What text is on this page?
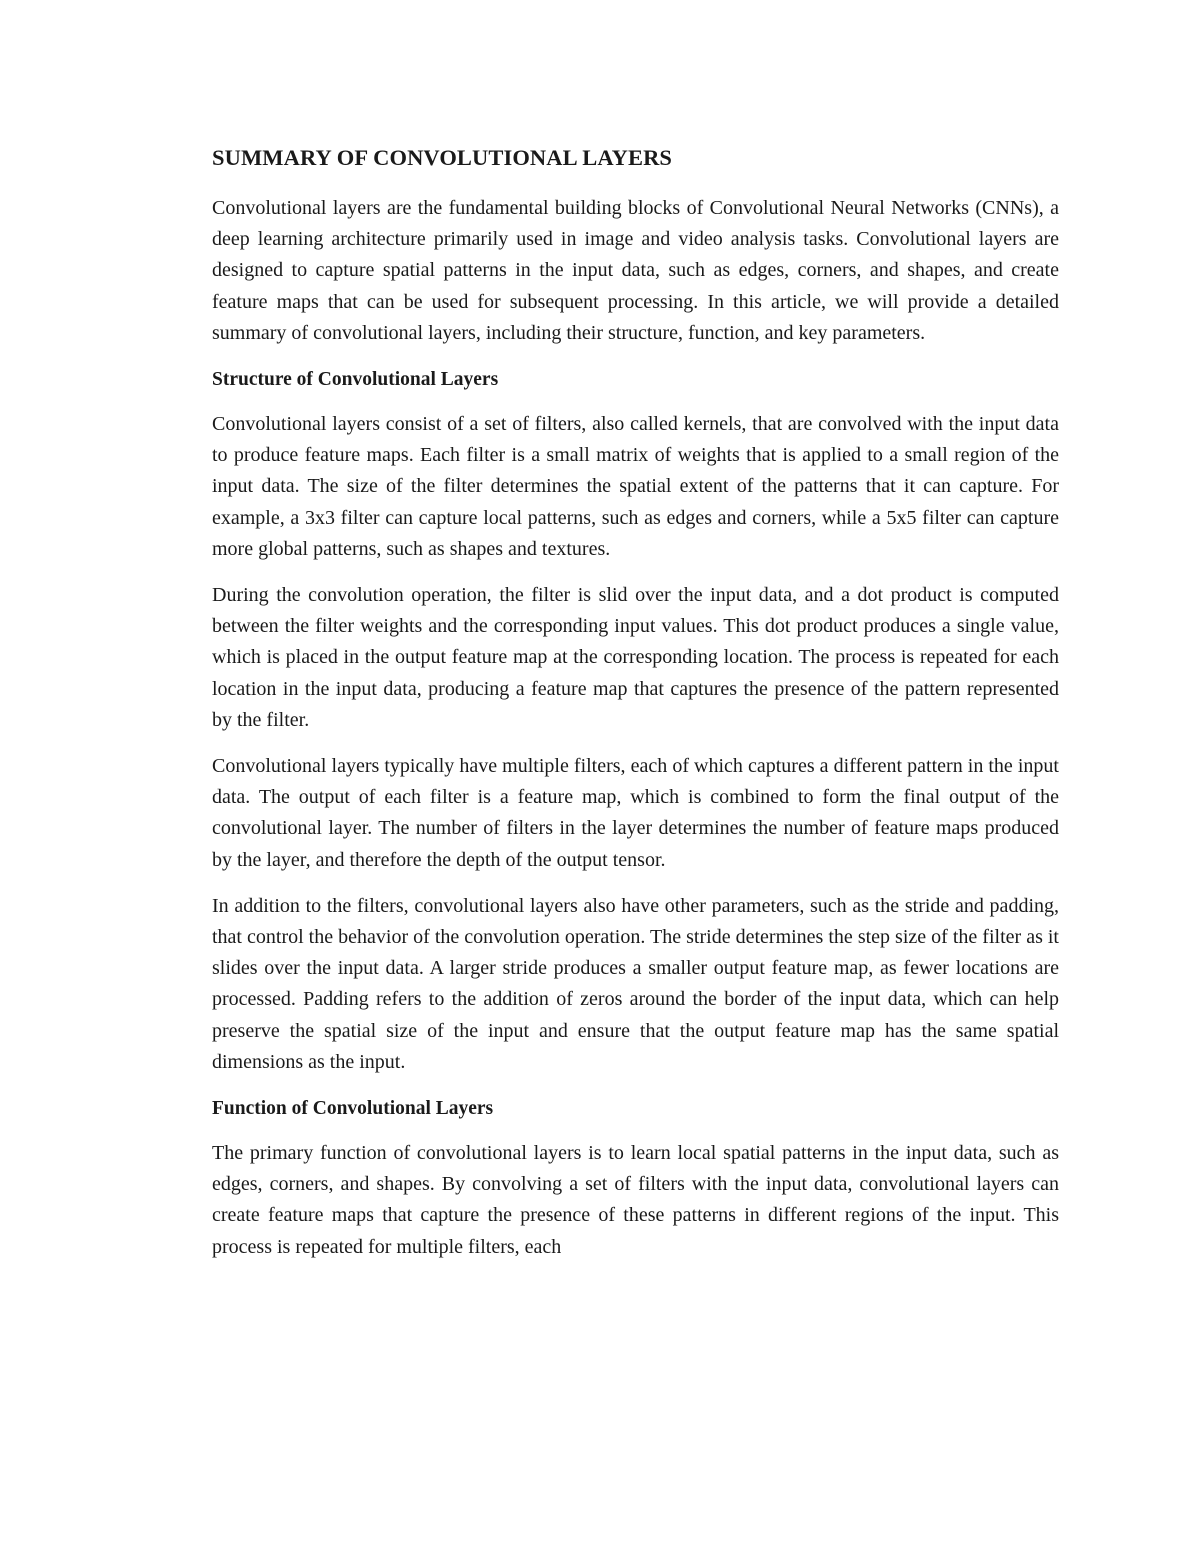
SUMMARY OF CONVOLUTIONAL LAYERS

Convolutional layers are the fundamental building blocks of Convolutional Neural Networks (CNNs), a deep learning architecture primarily used in image and video analysis tasks. Convolutional layers are designed to capture spatial patterns in the input data, such as edges, corners, and shapes, and create feature maps that can be used for subsequent processing. In this article, we will provide a detailed summary of convolutional layers, including their structure, function, and key parameters.

Structure of Convolutional Layers

Convolutional layers consist of a set of filters, also called kernels, that are convolved with the input data to produce feature maps. Each filter is a small matrix of weights that is applied to a small region of the input data. The size of the filter determines the spatial extent of the patterns that it can capture. For example, a 3x3 filter can capture local patterns, such as edges and corners, while a 5x5 filter can capture more global patterns, such as shapes and textures.

During the convolution operation, the filter is slid over the input data, and a dot product is computed between the filter weights and the corresponding input values. This dot product produces a single value, which is placed in the output feature map at the corresponding location. The process is repeated for each location in the input data, producing a feature map that captures the presence of the pattern represented by the filter.

Convolutional layers typically have multiple filters, each of which captures a different pattern in the input data. The output of each filter is a feature map, which is combined to form the final output of the convolutional layer. The number of filters in the layer determines the number of feature maps produced by the layer, and therefore the depth of the output tensor.

In addition to the filters, convolutional layers also have other parameters, such as the stride and padding, that control the behavior of the convolution operation. The stride determines the step size of the filter as it slides over the input data. A larger stride produces a smaller output feature map, as fewer locations are processed. Padding refers to the addition of zeros around the border of the input data, which can help preserve the spatial size of the input and ensure that the output feature map has the same spatial dimensions as the input.

Function of Convolutional Layers

The primary function of convolutional layers is to learn local spatial patterns in the input data, such as edges, corners, and shapes. By convolving a set of filters with the input data, convolutional layers can create feature maps that capture the presence of these patterns in different regions of the input. This process is repeated for multiple filters, each
